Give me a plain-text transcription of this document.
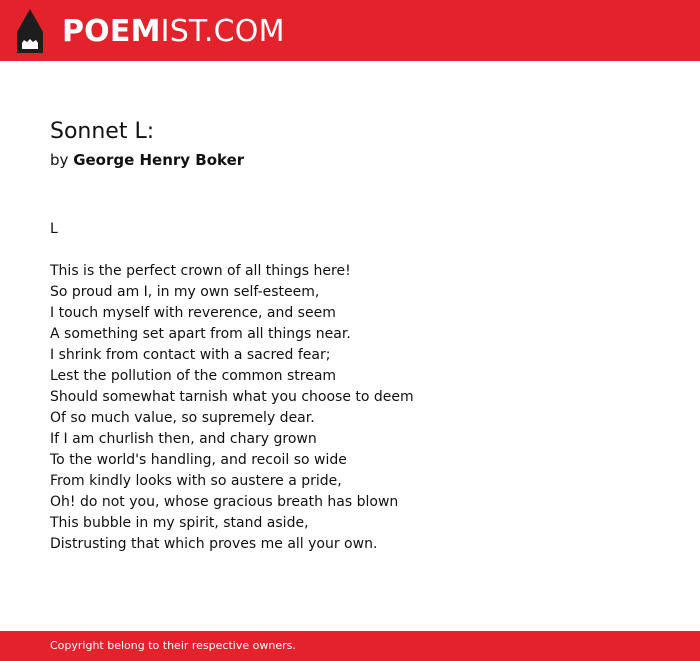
POEMIST.COM
Sonnet L:
by George Henry Boker
L
This is the perfect crown of all things here!
So proud am I, in my own self-esteem,
I touch myself with reverence, and seem
A something set apart from all things near.
I shrink from contact with a sacred fear;
Lest the pollution of the common stream
Should somewhat tarnish what you choose to deem
Of so much value, so supremely dear.
If I am churlish then, and chary grown
To the world's handling, and recoil so wide
From kindly looks with so austere a pride,
Oh! do not you, whose gracious breath has blown
This bubble in my spirit, stand aside,
Distrusting that which proves me all your own.
Copyright belong to their respective owners.
